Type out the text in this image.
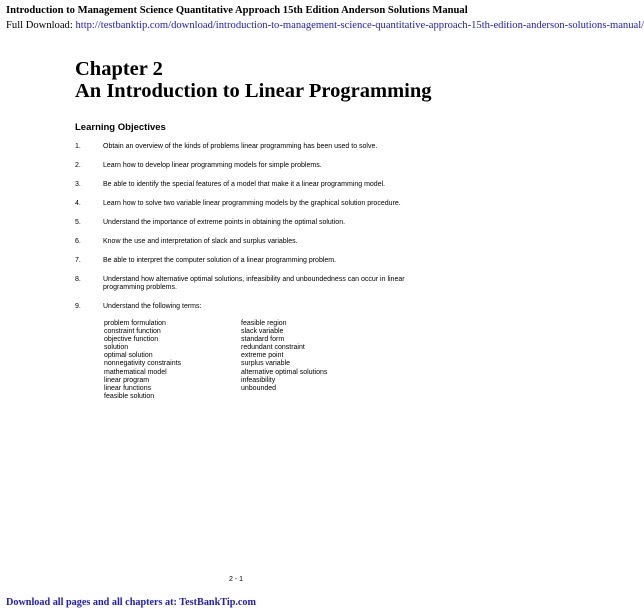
Introduction to Management Science Quantitative Approach 15th Edition Anderson Solutions Manual
Full Download: http://testbanktip.com/download/introduction-to-management-science-quantitative-approach-15th-edition-anderson-solutions-manual/
Chapter 2
An Introduction to Linear Programming
Learning Objectives
1.	Obtain an overview of the kinds of problems linear programming has been used to solve.
2.	Learn how to develop linear programming models for simple problems.
3.	Be able to identify the special features of a model that make it a linear programming model.
4.	Learn how to solve two variable linear programming models by the graphical solution procedure.
5.	Understand the importance of extreme points in obtaining the optimal solution.
6.	Know the use and interpretation of slack and surplus variables.
7.	Be able to interpret the computer solution of a linear programming problem.
8.	Understand how alternative optimal solutions, infeasibility and unboundedness can occur in linear programming problems.
9.	Understand the following terms:
problem formulation
constraint function
objective function
solution
optimal solution
nonnegativity constraints
mathematical model
linear program
linear functions
feasible solution
feasible region
slack variable
standard form
redundant constraint
extreme point
surplus variable
alternative optimal solutions
infeasibility
unbounded
2 - 1
Download all pages and all chapters at: TestBankTip.com
